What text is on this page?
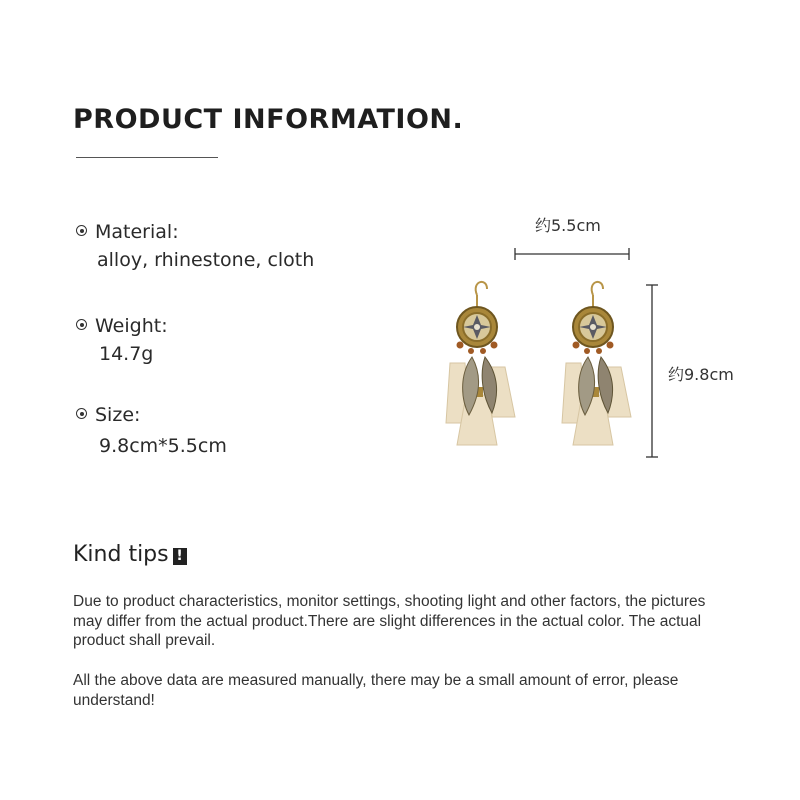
PRODUCT INFORMATION.
Material:
alloy, rhinestone, cloth
Weight:
14.7g
Size:
9.8cm*5.5cm
约5.5cm
约9.8cm
Kind tips !
Due to product characteristics, monitor settings, shooting light and other factors, the pictures may differ from the actual product.There are slight differences in the actual color. The actual product shall prevail.
All the above data are measured manually, there may be a small amount of error, please understand!
